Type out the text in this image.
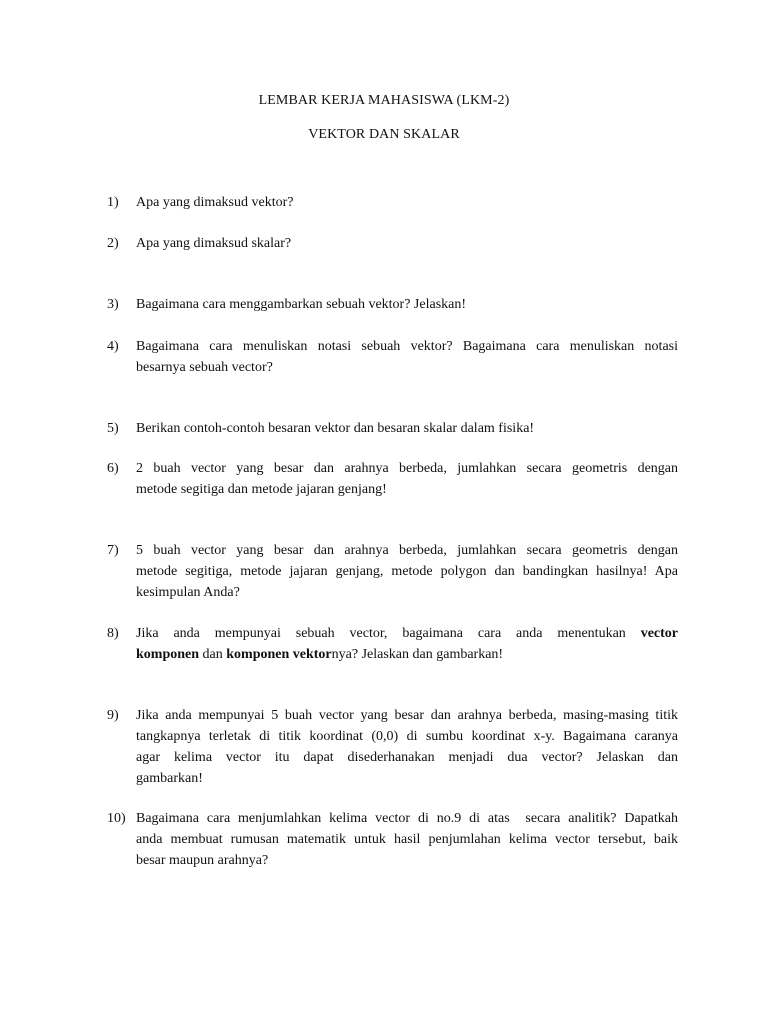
LEMBAR KERJA MAHASISWA (LKM-2)
VEKTOR DAN SKALAR
1) Apa yang dimaksud vektor?
2) Apa yang dimaksud skalar?
3) Bagaimana cara menggambarkan sebuah vektor? Jelaskan!
4) Bagaimana cara menuliskan notasi sebuah vektor? Bagaimana cara menuliskan notasi
besarnya sebuah vector?
5) Berikan contoh-contoh besaran vektor dan besaran skalar dalam fisika!
6) 2 buah vector yang besar dan arahnya berbeda, jumlahkan secara geometris dengan
metode segitiga dan metode jajaran genjang!
7) 5 buah vector yang besar dan arahnya berbeda, jumlahkan secara geometris dengan
metode segitiga, metode jajaran genjang, metode polygon dan bandingkan hasilnya! Apa
kesimpulan Anda?
8) Jika anda mempunyai sebuah vector, bagaimana cara anda menentukan vector
komponen dan komponen vektornya? Jelaskan dan gambarkan!
9) Jika anda mempunyai 5 buah vector yang besar dan arahnya berbeda, masing-masing titik
tangkapnya terletak di titik koordinat (0,0) di sumbu koordinat x-y. Bagaimana caranya
agar kelima vector itu dapat disederhanakan menjadi dua vector? Jelaskan dan
gambarkan!
10) Bagaimana cara menjumlahkan kelima vector di no.9 di atas  secara analitik? Dapatkah
anda membuat rumusan matematik untuk hasil penjumlahan kelima vector tersebut, baik
besar maupun arahnya?
